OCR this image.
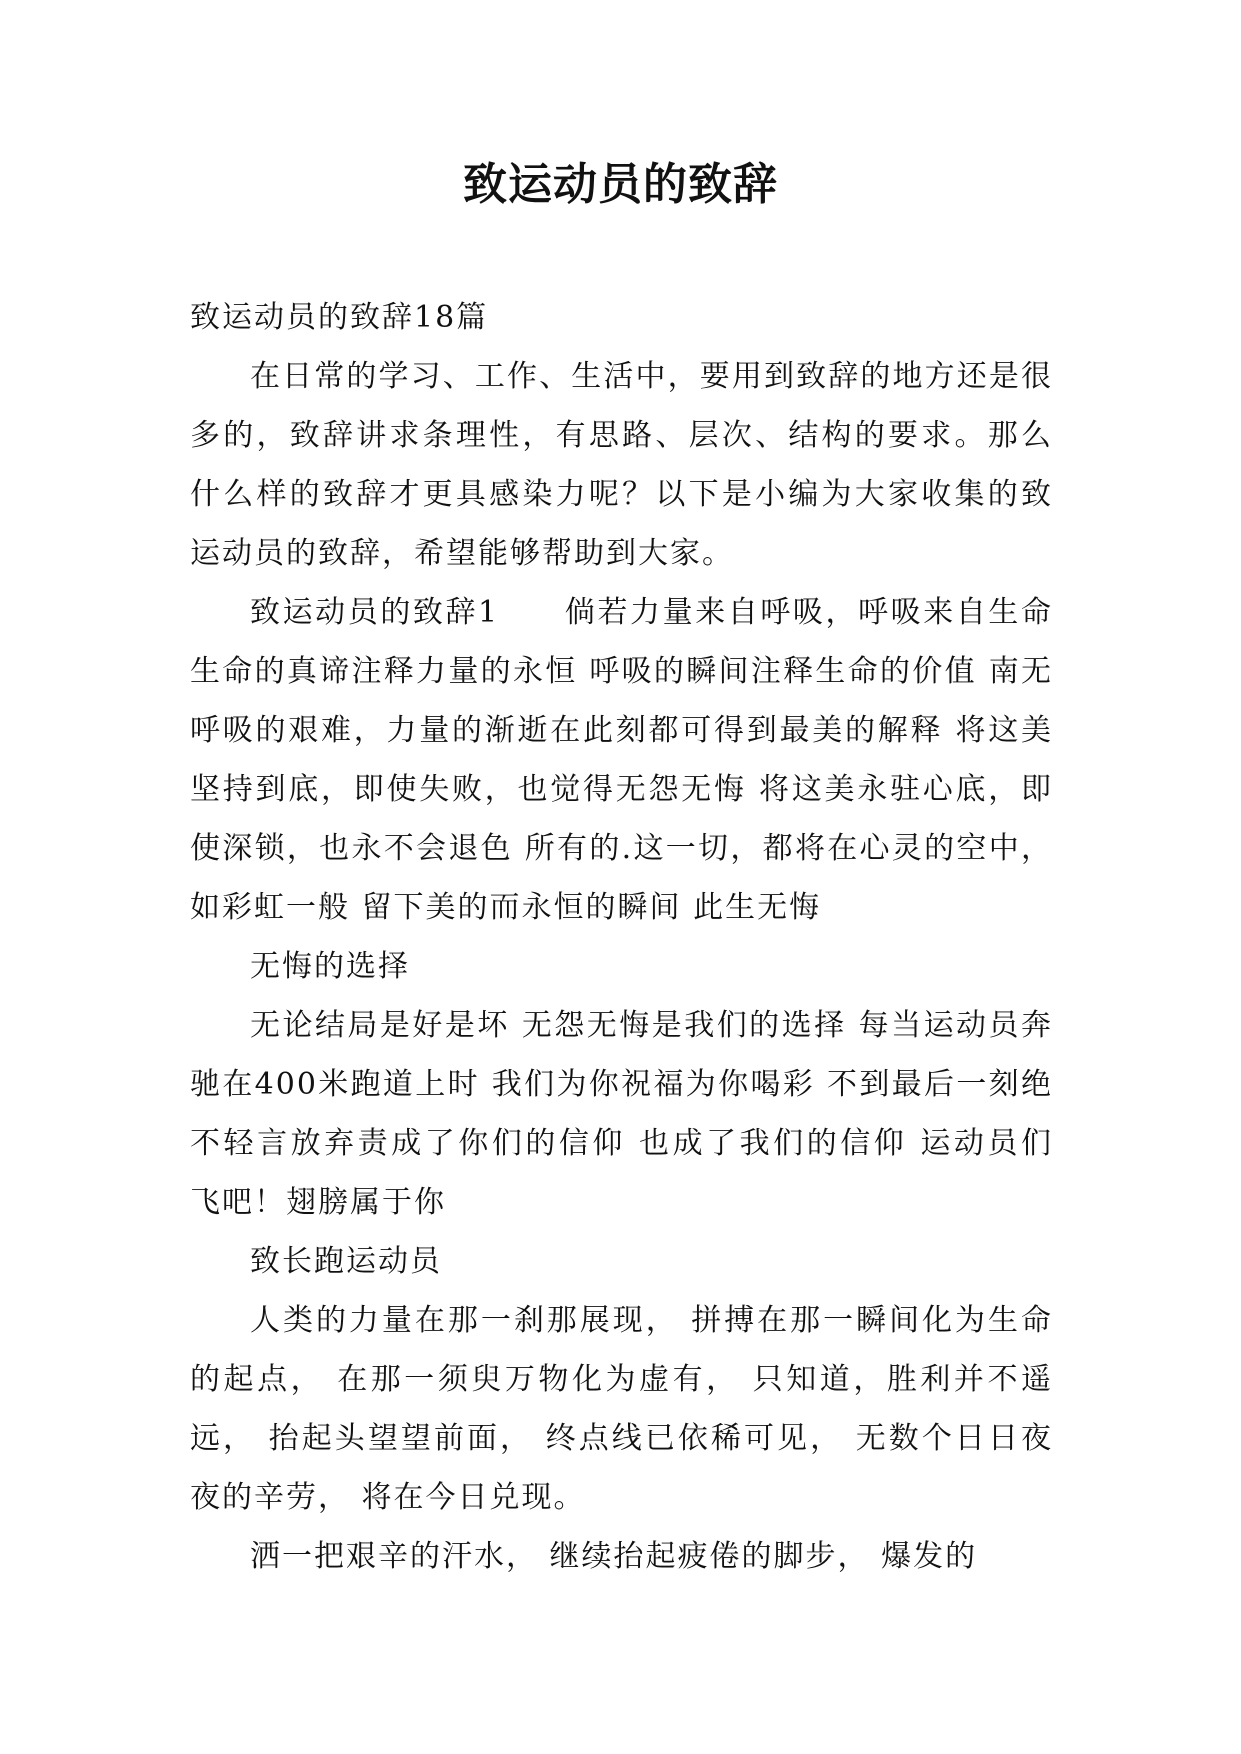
致运动员的致辞

致运动员的致辞18篇

在日常的学习、工作、生活中，要用到致辞的地方还是很多的，致辞讲求条理性，有思路、层次、结构的要求。那么什么样的致辞才更具感染力呢？以下是小编为大家收集的致运动员的致辞，希望能够帮助到大家。

致运动员的致辞1　　倘若力量来自呼吸，呼吸来自生命 生命的真谛注释力量的永恒 呼吸的瞬间注释生命的价值 南无呼吸的艰难，力量的渐逝在此刻都可得到最美的解释 将这美坚持到底，即使失败，也觉得无怨无悔 将这美永驻心底，即使深锁，也永不会退色 所有的.这一切，都将在心灵的空中，如彩虹一般 留下美的而永恒的瞬间 此生无悔

无悔的选择

无论结局是好是坏 无怨无悔是我们的选择 每当运动员奔驰在400米跑道上时 我们为你祝福为你喝彩 不到最后一刻绝不轻言放弃责成了你们的信仰 也成了我们的信仰 运动员们 飞吧！翅膀属于你

致长跑运动员

人类的力量在那一刹那展现， 拼搏在那一瞬间化为生命的起点， 在那一须臾万物化为虚有， 只知道，胜利并不遥远， 抬起头望望前面， 终点线已依稀可见， 无数个日日夜夜的辛劳， 将在今日兑现。

洒一把艰辛的汗水， 继续抬起疲倦的脚步， 爆发的
